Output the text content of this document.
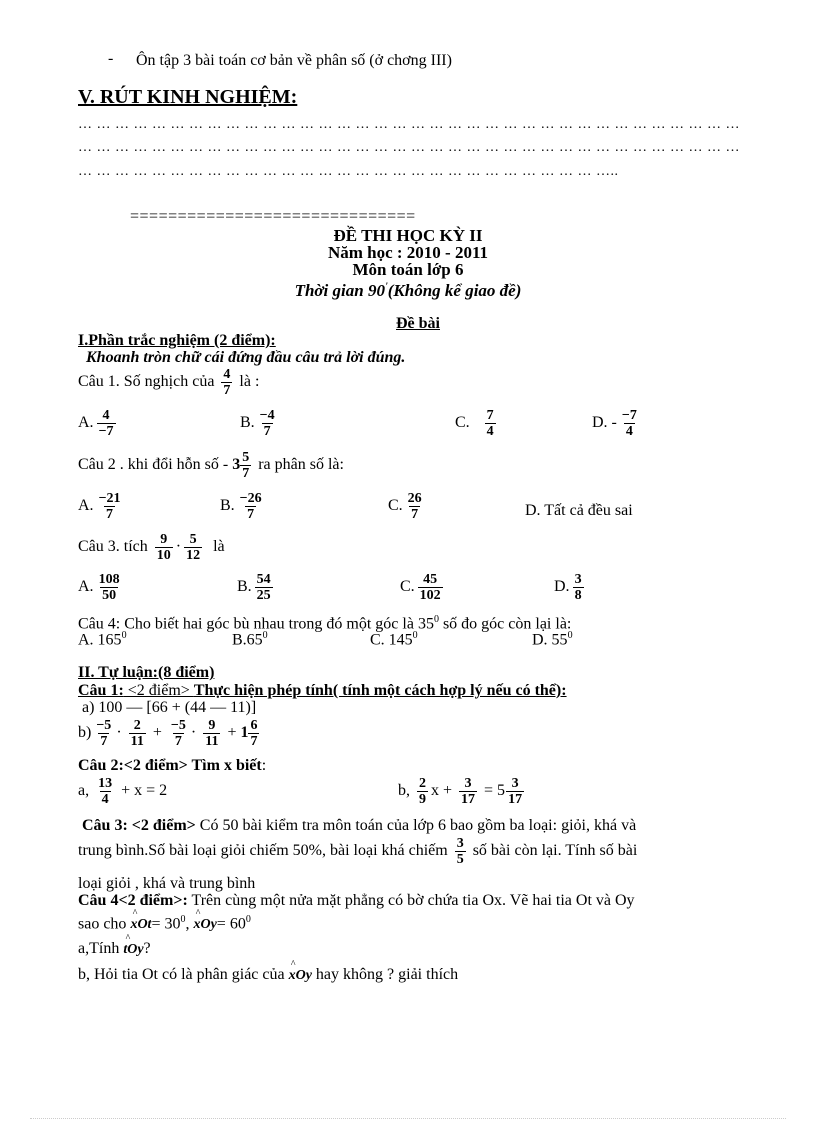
- Ôn tập 3 bài toán cơ bản về phân số (ở chơng III)
V. RÚT KINH NGHIỆM:
… … … … … … … … … … … … … … … … … … … … … … … … … … … … … … … … … … … …
… … … … … … … … … … … … … … … … … … … … … … … … … … … … … … … … … … … …
… … … … … … … … … … … … … … … … … … … … … … … … … … … … …..
==============================
ĐỀ THI HỌC KỲ II
Năm học : 2010 - 2011
Môn toán lớp 6
Thời gian 90'(Không kể giao đề)
Đề bài
I.Phần trắc nghiệm (2 điểm):
Khoanh tròn chữ cái đứng đầu câu trả lời đúng.
Câu 1. Số nghịch của $\frac{4}{7}$ là :
A. $\frac{4}{-7}$	B. $\frac{-4}{7}$	C. $\frac{7}{4}$	D. - $\frac{-7}{4}$
Câu 2 . khi đổi hỗn số - $3 \frac{5}{7}$ ra phân số là:
A. $\frac{-21}{7}$	B. $\frac{-26}{7}$	C. $\frac{26}{7}$	D. Tất cả đều sai
Câu 3. tích $\frac{9}{10} \cdot \frac{5}{12}$ là
A. $\frac{108}{50}$	B. $\frac{54}{25}$	C. $\frac{45}{102}$	D. $\frac{3}{8}$
Câu 4: Cho biết hai góc bù nhau trong đó một góc là $35^0$ số đo góc còn lại là:
A. $165^0$	$B.65^0$	C. $145^0$	D. $55^0$
II. Tự luận:(8 điểm)
Câu 1: <2 điểm> Thực hiện phép tính( tính một cách hợp lý nếu có thể):
a) 100 — [66 + (44 — 11)]
$b) \frac{-5}{7} \cdot \frac{2}{11} + \frac{-5}{7} \cdot \frac{9}{11} + 1 \frac{6}{7}$
Câu 2:<2 điểm> Tìm x biết:
a, $\frac{13}{4} + x = 2$	b, $\frac{2}{9}$ $x + \frac{3}{17} = 5 \frac{3}{17}$
Câu 3: <2 điểm> Có 50 bài kiểm tra môn toán của lớp 6 bao gồm ba loại: giỏi, khá và
trung bình.Số bài loại giỏi chiếm 50%, bài loại khá chiếm $\frac{3}{5}$ số bài còn lại. Tính số bài
loại giỏi , khá và trung bình
Câu 4<2 điểm>: Trên cùng một nửa mặt phẳng có bờ chứa tia Ox. Vẽ hai tia Ot và Oy
sao cho ^ $xOt= 30^0$, ^ $xOy= 60^0$
a,Tính ^ tOy?
b, Hỏi tia Ot có là phân giác của ^ xOy hay không ? giải thích
